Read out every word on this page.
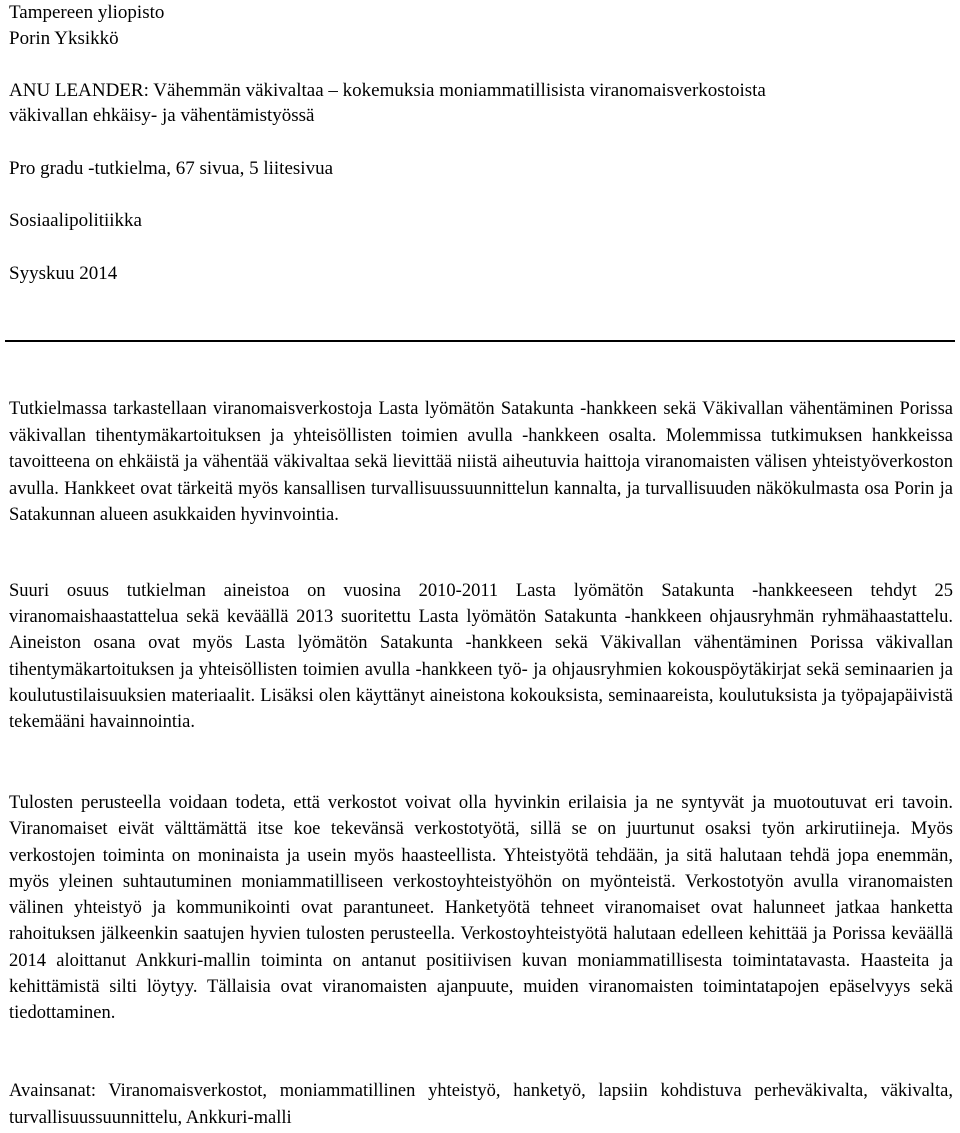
Tampereen yliopisto
Porin Yksikkö
ANU LEANDER: Vähemmän väkivaltaa – kokemuksia moniammatillisista viranomaisverkostoista
väkivallan ehkäisy- ja vähentämistyössä
Pro gradu -tutkielma, 67 sivua, 5 liitesivua
Sosiaalipolitiikka
Syyskuu 2014

Tutkielmassa tarkastellaan viranomaisverkostoja Lasta lyömätön Satakunta -hankkeen sekä Väkivallan vähentäminen Porissa väkivallan tihentymäkartoituksen ja yhteisöllisten toimien avulla -hankkeen osalta. Molemmissa tutkimuksen hankkeissa tavoitteena on ehkäistä ja vähentää väkivaltaa sekä lievittää niistä aiheutuvia haittoja viranomaisten välisen yhteistyöverkoston avulla. Hankkeet ovat tärkeitä myös kansallisen turvallisuussuunnittelun kannalta, ja turvallisuuden näkökulmasta osa Porin ja Satakunnan alueen asukkaiden hyvinvointia.

Suuri osuus tutkielman aineistoa on vuosina 2010-2011 Lasta lyömätön Satakunta -hankkeeseen tehdyt 25 viranomaishaastattelua sekä keväällä 2013 suoritettu Lasta lyömätön Satakunta -hankkeen ohjausryhmän ryhmähaastattelu. Aineiston osana ovat myös Lasta lyömätön Satakunta -hankkeen sekä Väkivallan vähentäminen Porissa väkivallan tihentymäkartoituksen ja yhteisöllisten toimien avulla -hankkeen työ- ja ohjausryhmien kokouspöytäkirjat sekä seminaarien ja koulutustilaisuuksien materiaalit. Lisäksi olen käyttänyt aineistona kokouksista, seminaareista, koulutuksista ja työpajapäivistä tekemääni havainnointia.

Tulosten perusteella voidaan todeta, että verkostot voivat olla hyvinkin erilaisia ja ne syntyvät ja muotoutuvat eri tavoin. Viranomaiset eivät välttämättä itse koe tekevänsä verkostotyötä, sillä se on juurtunut osaksi työn arkirutiineja. Myös verkostojen toiminta on moninaista ja usein myös haasteellista. Yhteistyötä tehdään, ja sitä halutaan tehdä jopa enemmän, myös yleinen suhtautuminen moniammatilliseen verkostoyhteistyöhön on myönteistä. Verkostotyön avulla viranomaisten välinen yhteistyö ja kommunikointi ovat parantuneet. Hanketyötä tehneet viranomaiset ovat halunneet jatkaa hanketta rahoituksen jälkeenkin saatujen hyvien tulosten perusteella. Verkostoyhteistyötä halutaan edelleen kehittää ja Porissa keväällä 2014 aloittanut Ankkuri-mallin toiminta on antanut positiivisen kuvan moniammatillisesta toimintatavasta. Haasteita ja kehittämistä silti löytyy. Tällaisia ovat viranomaisten ajanpuute, muiden viranomaisten toimintatapojen epäselvyys sekä tiedottaminen.

Avainsanat: Viranomaisverkostot, moniammatillinen yhteistyö, hanketyö, lapsiin kohdistuva perheväkivalta, väkivalta, turvallisuussuunnittelu, Ankkuri-malli
